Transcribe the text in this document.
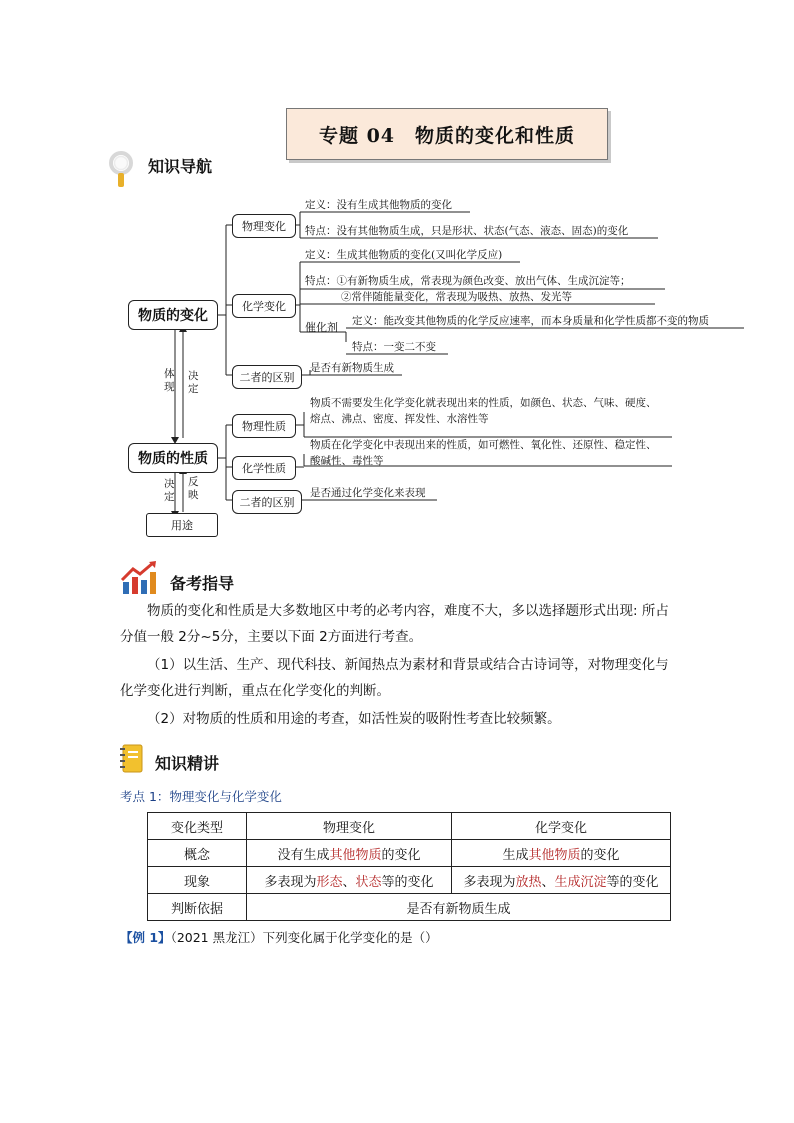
专题 04　物质的变化和性质
知识导航
物质的变化
物质的性质
用途
体现
决定
决定
反映
物理变化
定义：没有生成其他物质的变化
特点：没有其他物质生成，只是形状、状态(气态、液态、固态)的变化
化学变化
定义：生成其他物质的变化(又叫化学反应)
特点：①有新物质生成，常表现为颜色改变、放出气体、生成沉淀等；
②常伴随能量变化，常表现为吸热、放热、发光等
催化剂 定义：能改变其他物质的化学反应速率，而本身质量和化学性质都不变的物质
特点：一变二不变
二者的区别
是否有新物质生成
物理性质
物质不需要发生化学变化就表现出来的性质，如颜色、状态、气味、硬度、
熔点、沸点、密度、挥发性、水溶性等
化学性质
物质在化学变化中表现出来的性质，如可燃性、氧化性、还原性、稳定性、
酸碱性、毒性等
二者的区别
是否通过化学变化来表现
备考指导
物质的变化和性质是大多数地区中考的必考内容，难度不大，多以选择题形式出现: 所占分值一般 2分~5分，主要以下面 2方面进行考查。
（1）以生活、生产、现代科技、新闻热点为素材和背景或结合古诗词等，对物理变化与化学变化进行判断，重点在化学变化的判断。
（2）对物质的性质和用途的考查，如活性炭的吸附性考查比较频繁。
知识精讲
考点 1：物理变化与化学变化
变化类型	物理变化	化学变化
概念	没有生成其他物质的变化	生成其他物质的变化
现象	多表现为形态、状态等的变化	多表现为放热、生成沉淀等的变化
判断依据	是否有新物质生成	
【例 1】（2021 黑龙江）下列变化属于化学变化的是（）
